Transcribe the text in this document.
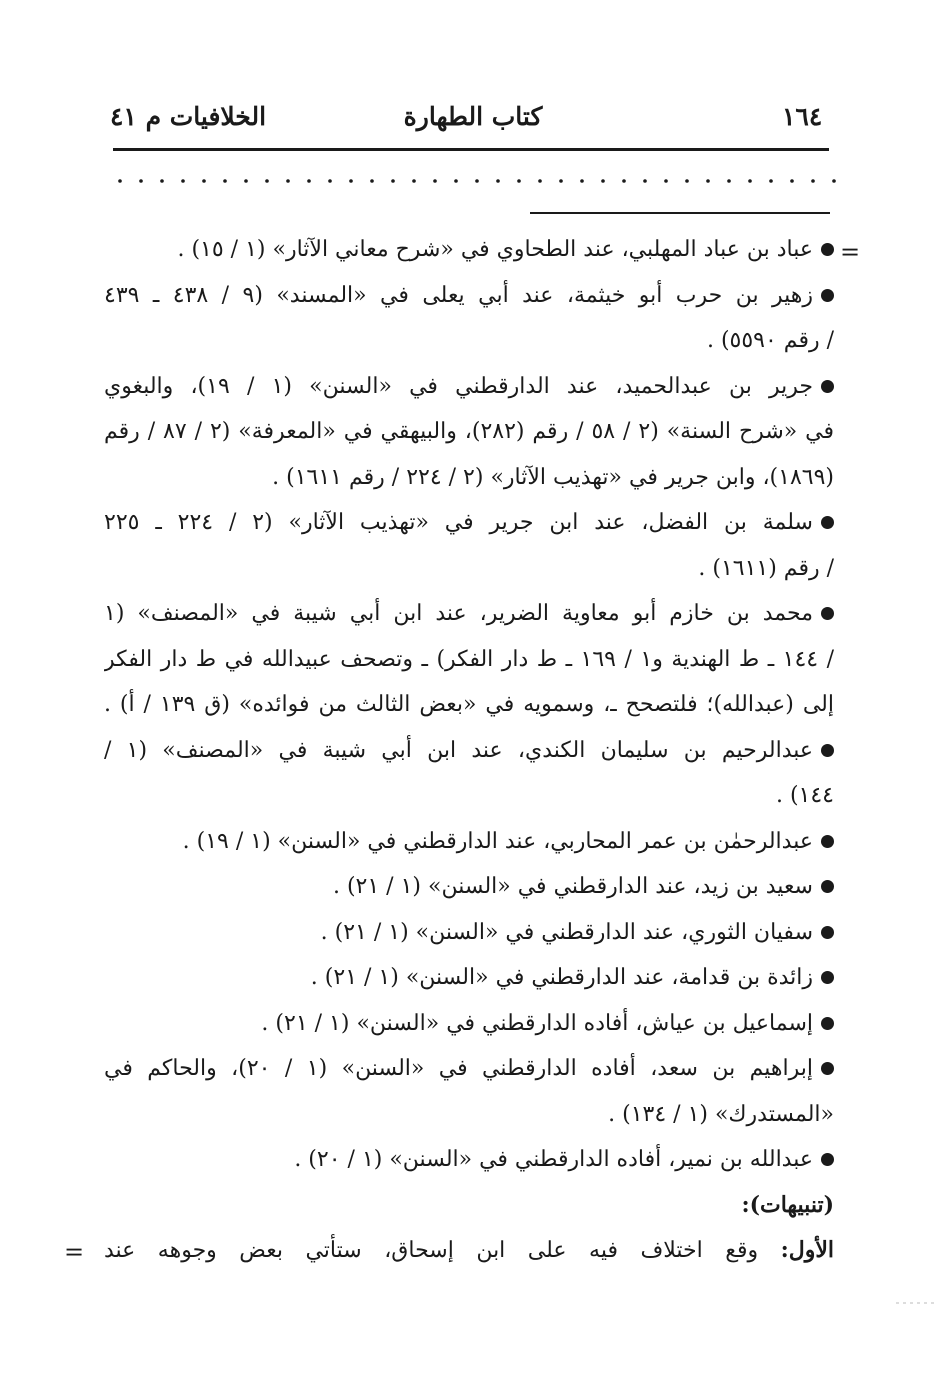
١٦٤
كتاب الطهارة
الخلافيات م ٤١
=
عباد بن عباد المهلبي، عند الطحاوي في «شرح معاني الآثار» (١ / ١٥) .
زهير بن حرب أبو خيثمة، عند أبي يعلى في «المسند» (٩ / ٤٣٨ ـ ٤٣٩
/ رقم ٥٥٩٠) .
جرير بن عبدالحميد، عند الدارقطني في «السنن» (١ / ١٩)، والبغوي
في «شرح السنة» (٢ / ٥٨ / رقم (٢٨٢)، والبيهقي في «المعرفة» (٢ / ٨٧ / رقم
(١٨٦٩)، وابن جرير في «تهذيب الآثار» (٢ / ٢٢٤ / رقم ١٦١١) .
سلمة بن الفضل، عند ابن جرير في «تهذيب الآثار» (٢ / ٢٢٤ ـ ٢٢٥
/ رقم (١٦١١) .
محمد بن خازم أبو معاوية الضرير، عند ابن أبي شيبة في «المصنف» (١
/ ١٤٤ ـ ط الهندية و١ / ١٦٩ ـ ط دار الفكر) ـ وتصحف عبيدالله في ط دار الفكر
إلى (عبدالله)؛ فلتصحح ـ، وسمويه في «بعض الثالث من فوائده» (ق ١٣٩ / أ) .
عبدالرحيم بن سليمان الكندي، عند ابن أبي شيبة في «المصنف» (١ /
١٤٤) .
عبدالرحمٰن بن عمر المحاربي، عند الدارقطني في «السنن» (١ / ١٩) .
سعيد بن زيد، عند الدارقطني في «السنن» (١ / ٢١) .
سفيان الثوري، عند الدارقطني في «السنن» (١ / ٢١) .
زائدة بن قدامة، عند الدارقطني في «السنن» (١ / ٢١) .
إسماعيل بن عياش، أفاده الدارقطني في «السنن» (١ / ٢١) .
إبراهيم بن سعد، أفاده الدارقطني في «السنن» (١ / ٢٠)، والحاكم في
«المستدرك» (١ / ١٣٤) .
عبدالله بن نمير، أفاده الدارقطني في «السنن» (١ / ٢٠) .
(تنبيهات):
الأول: وقع اختلاف فيه على ابن إسحاق، ستأتي بعض وجوهه عند
=
